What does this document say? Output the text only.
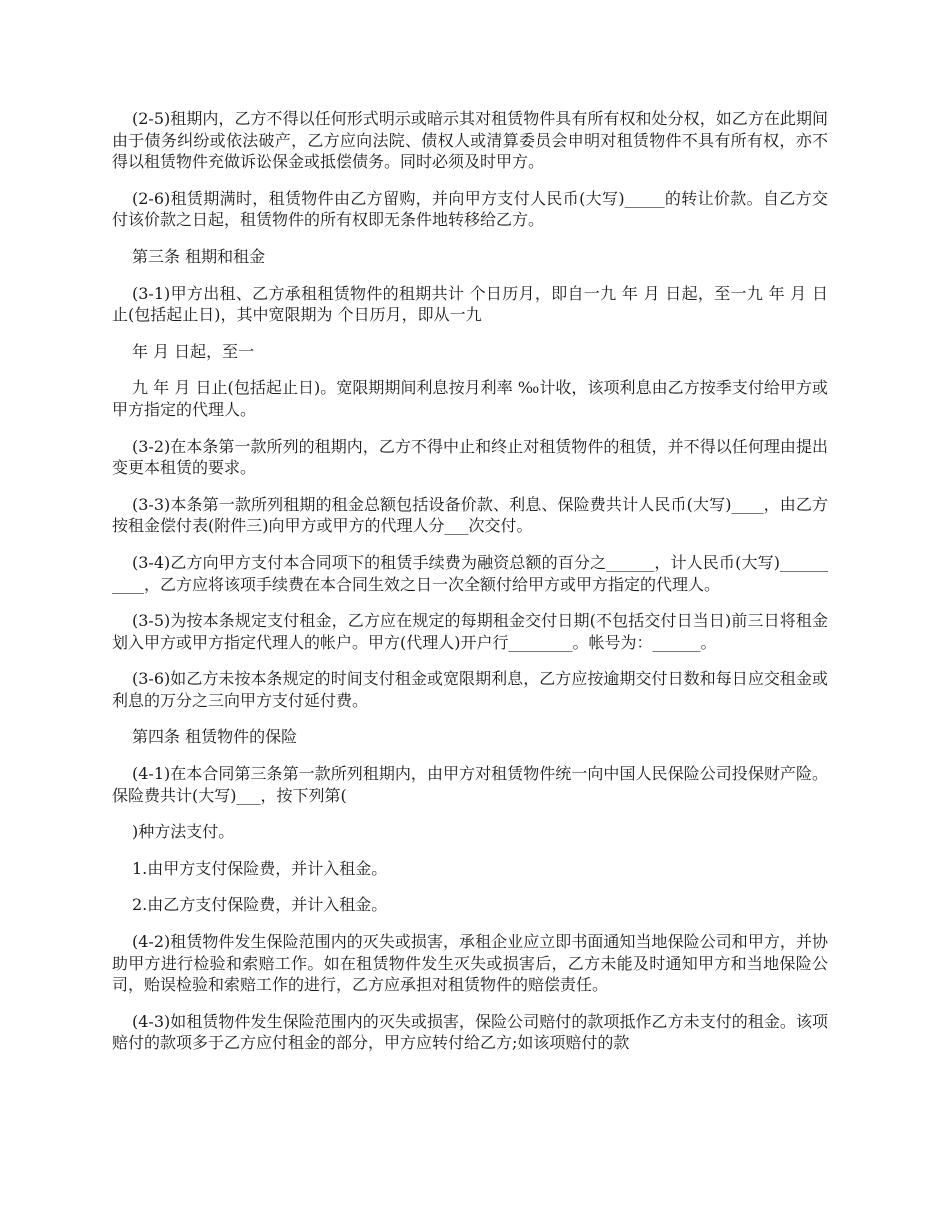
(2-5)租期内，乙方不得以任何形式明示或暗示其对租赁物件具有所有权和处分权，如乙方在此期间由于债务纠纷或依法破产，乙方应向法院、债权人或清算委员会申明对租赁物件不具有所有权，亦不得以租赁物件充做诉讼保金或抵偿债务。同时必须及时甲方。

(2-6)租赁期满时，租赁物件由乙方留购，并向甲方支付人民币(大写)_____的转让价款。自乙方交付该价款之日起，租赁物件的所有权即无条件地转移给乙方。

第三条 租期和租金

(3-1)甲方出租、乙方承租租赁物件的租期共计 个日历月，即自一九 年 月 日起，至一九 年 月 日止(包括起止日)，其中宽限期为 个日历月，即从一九

年 月 日起，至一

九 年 月 日止(包括起止日)。宽限期期间利息按月利率 ‰计收，该项利息由乙方按季支付给甲方或甲方指定的代理人。

(3-2)在本条第一款所列的租期内，乙方不得中止和终止对租赁物件的租赁，并不得以任何理由提出变更本租赁的要求。

(3-3)本条第一款所列租期的租金总额包括设备价款、利息、保险费共计人民币(大写)____，由乙方按租金偿付表(附件三)向甲方或甲方的代理人分___次交付。

(3-4)乙方向甲方支付本合同项下的租赁手续费为融资总额的百分之______，计人民币(大写)__________，乙方应将该项手续费在本合同生效之日一次全额付给甲方或甲方指定的代理人。

(3-5)为按本条规定支付租金，乙方应在规定的每期租金交付日期(不包括交付日当日)前三日将租金划入甲方或甲方指定代理人的帐户。甲方(代理人)开户行________。帐号为：______。

(3-6)如乙方未按本条规定的时间支付租金或宽限期利息，乙方应按逾期交付日数和每日应交租金或利息的万分之三向甲方支付延付费。

第四条 租赁物件的保险

(4-1)在本合同第三条第一款所列租期内，由甲方对租赁物件统一向中国人民保险公司投保财产险。保险费共计(大写)___，按下列第(

)种方法支付。

1.由甲方支付保险费，并计入租金。

2.由乙方支付保险费，并计入租金。

(4-2)租赁物件发生保险范围内的灭失或损害，承租企业应立即书面通知当地保险公司和甲方，并协助甲方进行检验和索赔工作。如在租赁物件发生灭失或损害后，乙方未能及时通知甲方和当地保险公司，贻误检验和索赔工作的进行，乙方应承担对租赁物件的赔偿责任。

(4-3)如租赁物件发生保险范围内的灭失或损害，保险公司赔付的款项抵作乙方未支付的租金。该项赔付的款项多于乙方应付租金的部分，甲方应转付给乙方;如该项赔付的款
